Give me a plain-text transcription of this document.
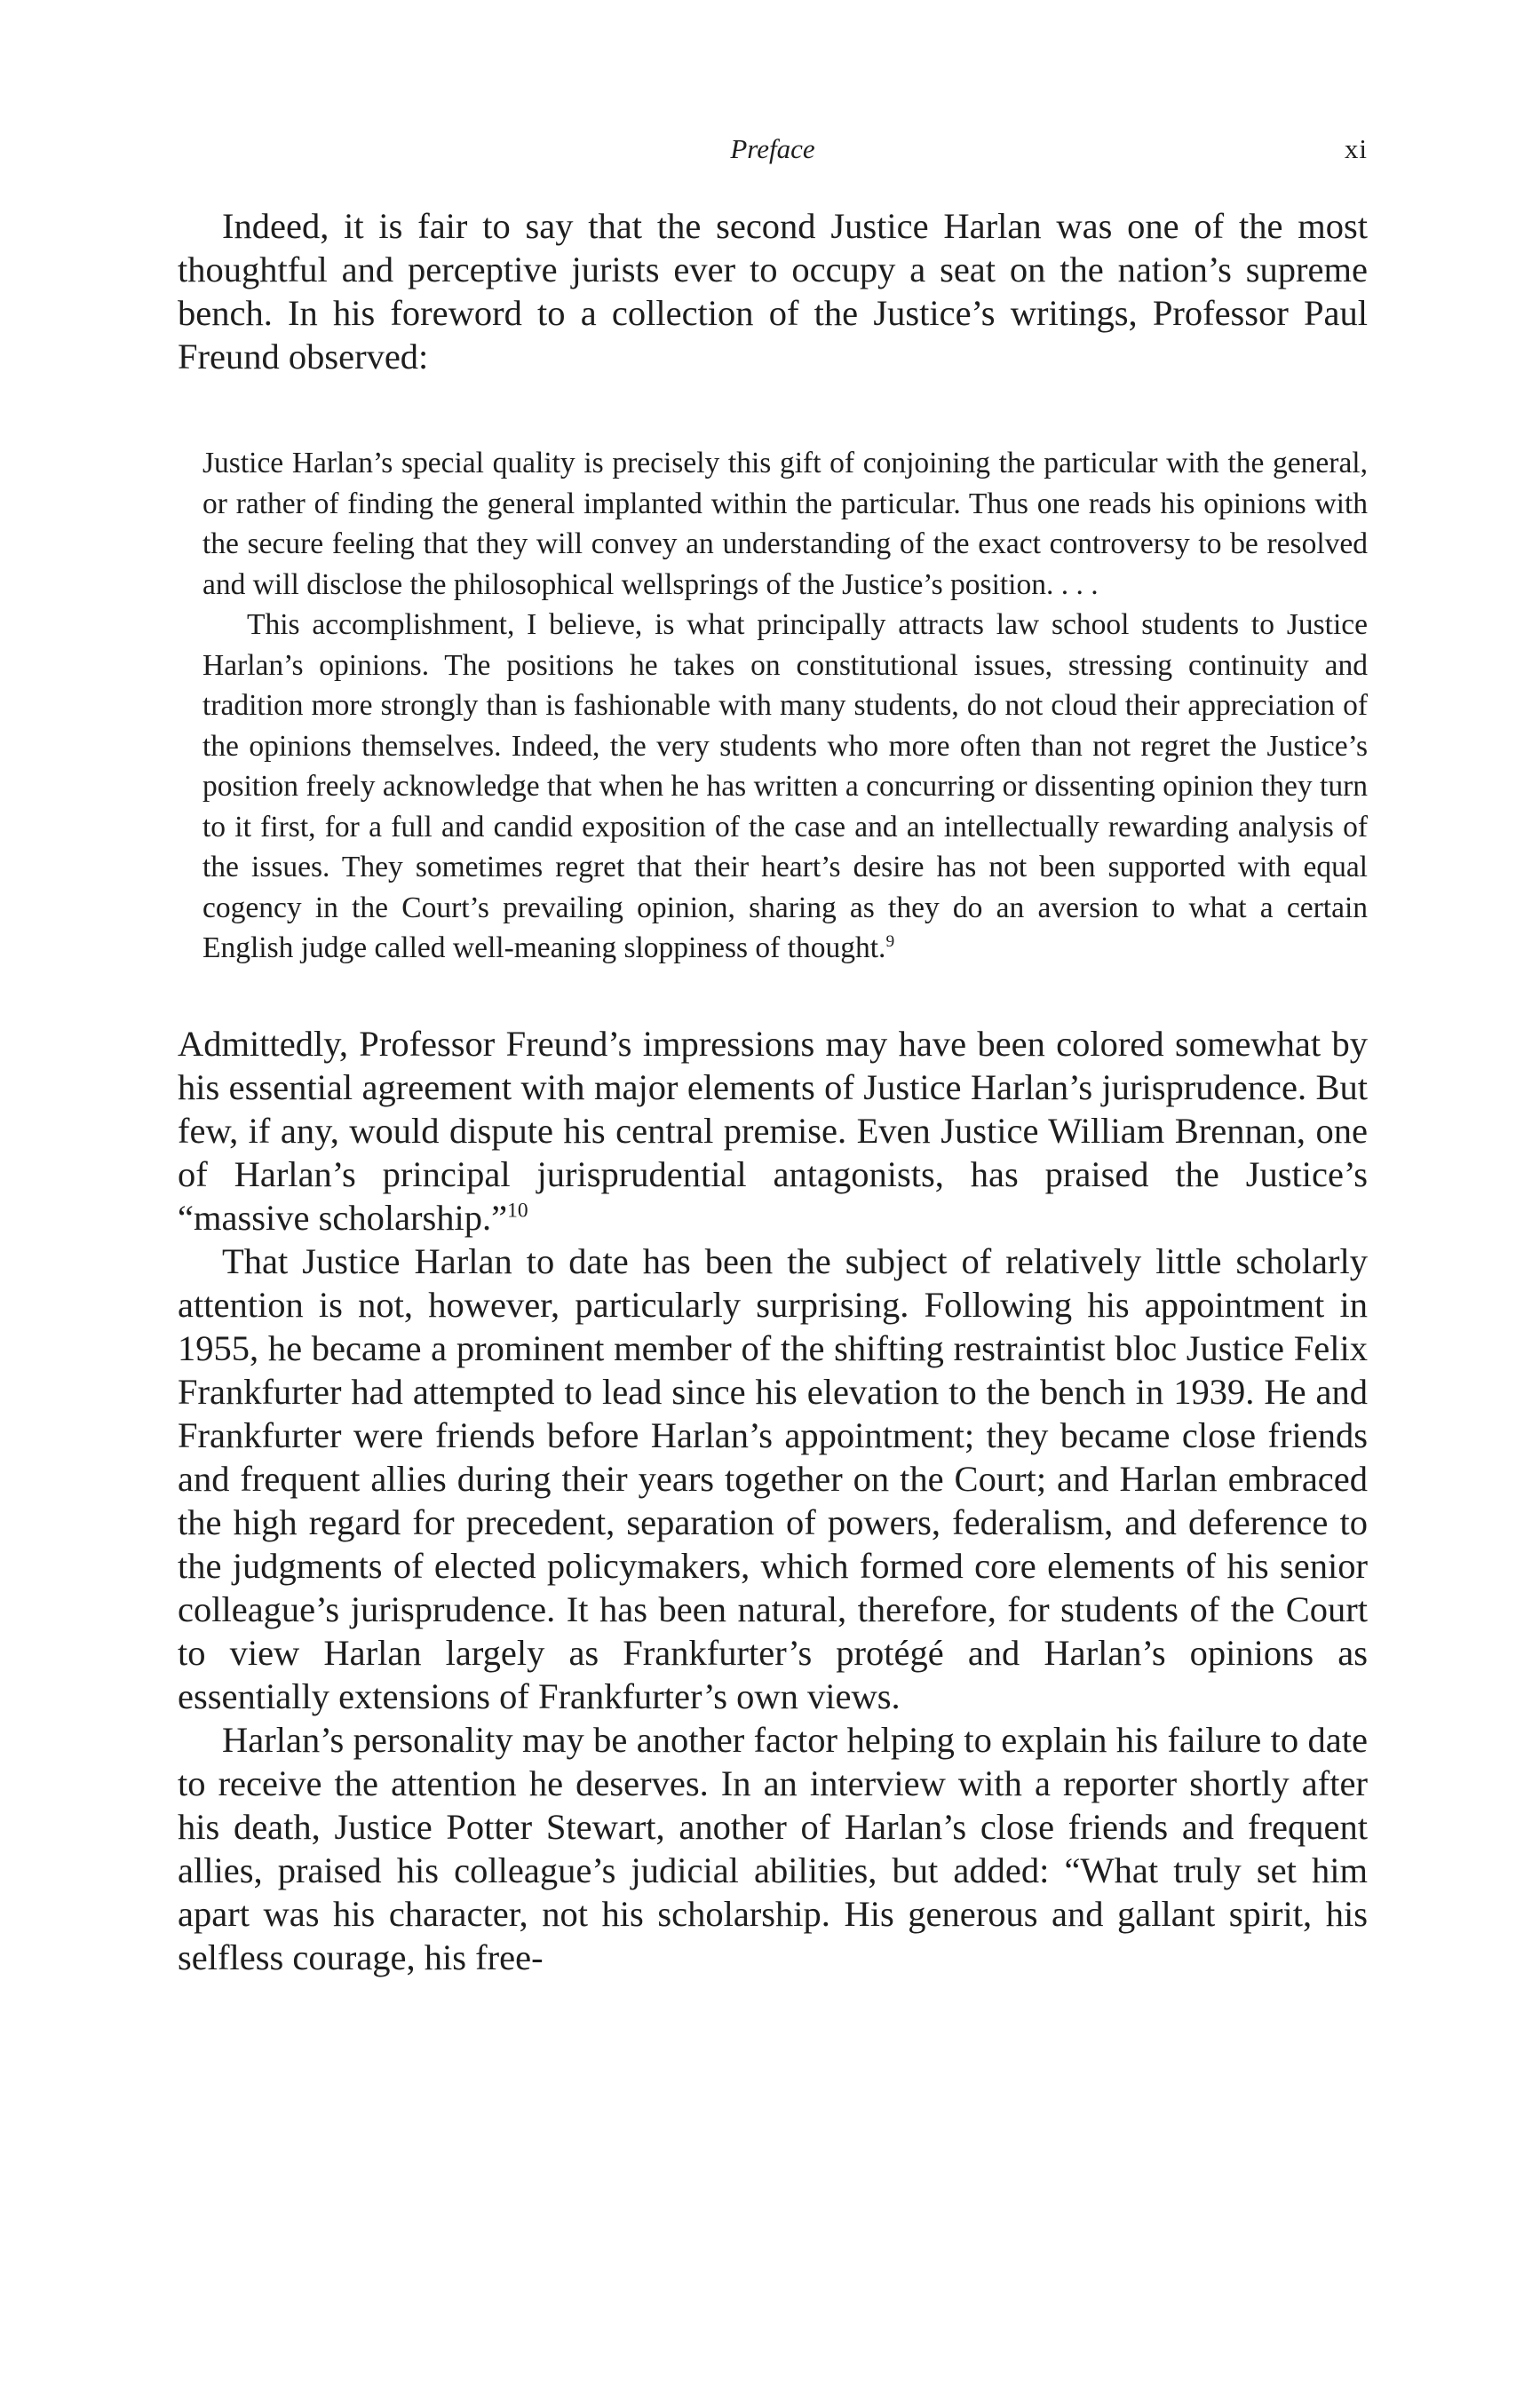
Preface	xi

Indeed, it is fair to say that the second Justice Harlan was one of the most thoughtful and perceptive jurists ever to occupy a seat on the nation’s supreme bench. In his foreword to a collection of the Justice’s writings, Professor Paul Freund observed:

Justice Harlan’s special quality is precisely this gift of conjoining the particular with the general, or rather of finding the general implanted within the particular. Thus one reads his opinions with the secure feeling that they will convey an understanding of the exact controversy to be resolved and will disclose the philosophical wellsprings of the Justice’s position. . . .

This accomplishment, I believe, is what principally attracts law school students to Justice Harlan’s opinions. The positions he takes on constitutional issues, stressing continuity and tradition more strongly than is fashionable with many students, do not cloud their appreciation of the opinions themselves. Indeed, the very students who more often than not regret the Justice’s position freely acknowledge that when he has written a concurring or dissenting opinion they turn to it first, for a full and candid exposition of the case and an intellectually rewarding analysis of the issues. They sometimes regret that their heart’s desire has not been supported with equal cogency in the Court’s prevailing opinion, sharing as they do an aversion to what a certain English judge called well-meaning sloppiness of thought.$^9$

Admittedly, Professor Freund’s impressions may have been colored somewhat by his essential agreement with major elements of Justice Harlan’s jurisprudence. But few, if any, would dispute his central premise. Even Justice William Brennan, one of Harlan’s principal jurisprudential antagonists, has praised the Justice’s “massive scholarship.”$^{10}$

That Justice Harlan to date has been the subject of relatively little scholarly attention is not, however, particularly surprising. Following his appointment in 1955, he became a prominent member of the shifting restraintist bloc Justice Felix Frankfurter had attempted to lead since his elevation to the bench in 1939. He and Frankfurter were friends before Harlan’s appointment; they became close friends and frequent allies during their years together on the Court; and Harlan embraced the high regard for precedent, separation of powers, federalism, and deference to the judgments of elected policymakers, which formed core elements of his senior colleague’s jurisprudence. It has been natural, therefore, for students of the Court to view Harlan largely as Frankfurter’s protégé and Harlan’s opinions as essentially extensions of Frankfurter’s own views.

Harlan’s personality may be another factor helping to explain his failure to date to receive the attention he deserves. In an interview with a reporter shortly after his death, Justice Potter Stewart, another of Harlan’s close friends and frequent allies, praised his colleague’s judicial abilities, but added: “What truly set him apart was his character, not his scholarship. His generous and gallant spirit, his selfless courage, his free-
